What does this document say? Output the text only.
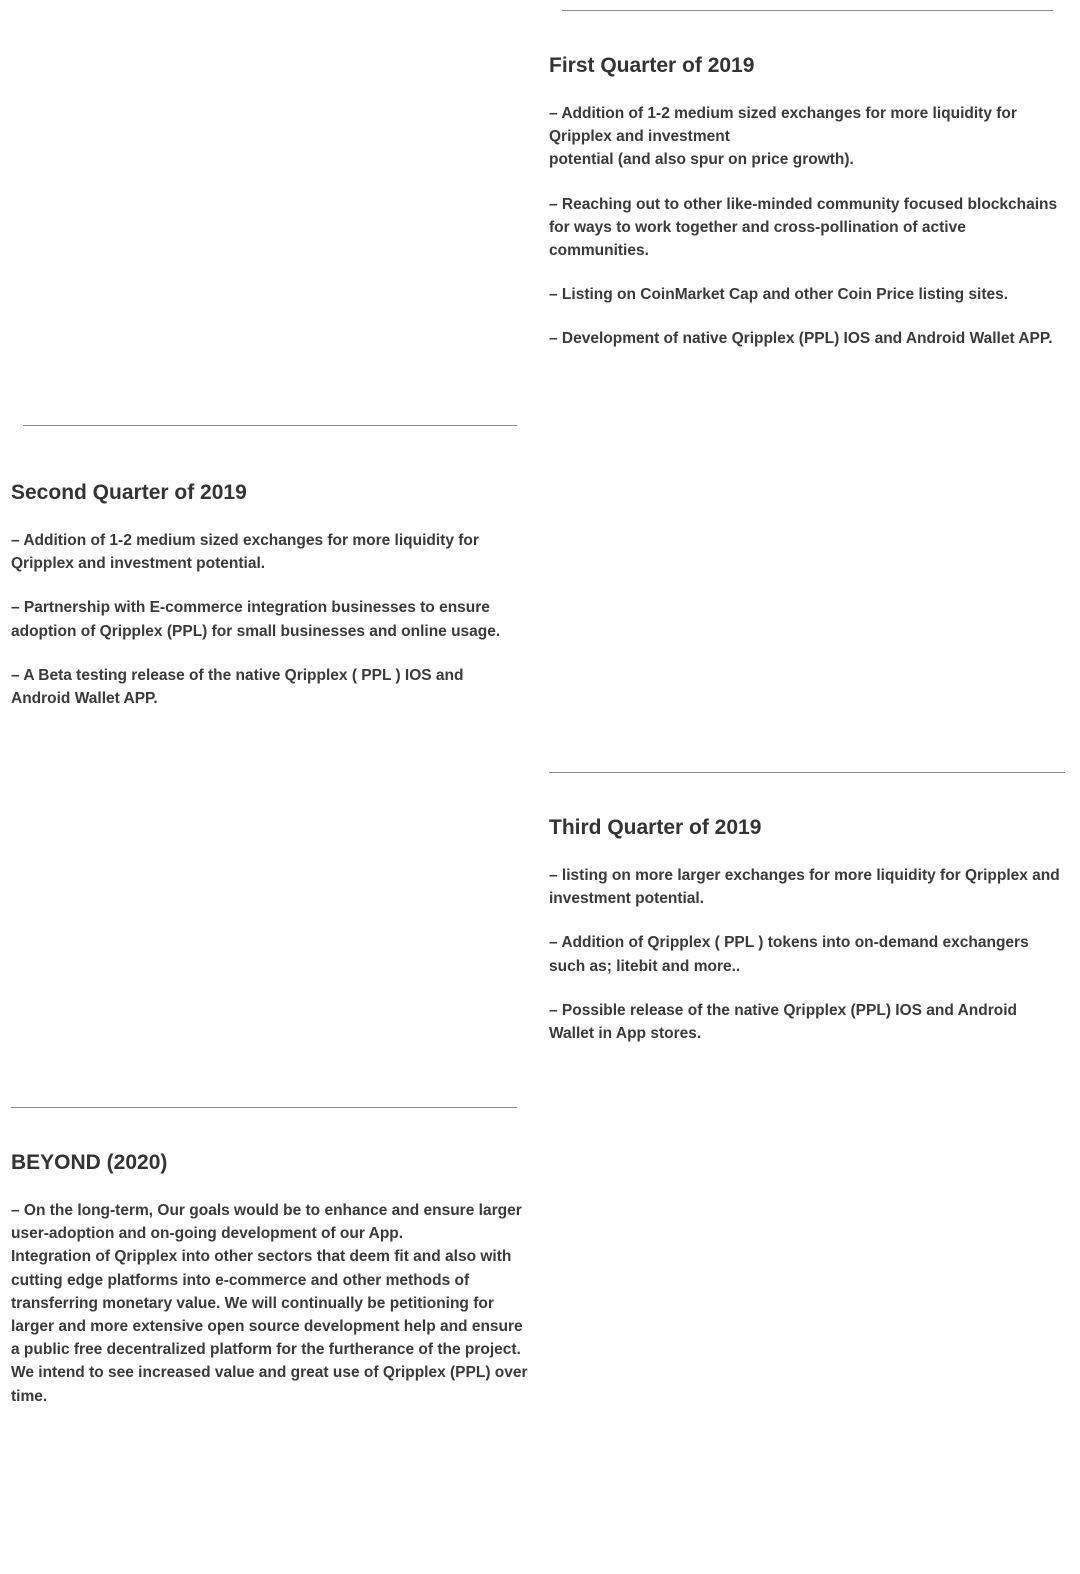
First Quarter of 2019

– Addition of 1-2 medium sized exchanges for more liquidity for
Qripplex and investment
potential (and also spur on price growth).

– Reaching out to other like-minded community focused blockchains
for ways to work together and cross-pollination of active
communities.

– Listing on CoinMarket Cap and other Coin Price listing sites.

– Development of native Qripplex (PPL) IOS and Android Wallet APP.

Second Quarter of 2019

– Addition of 1-2 medium sized exchanges for more liquidity for
Qripplex and investment potential.

– Partnership with E-commerce integration businesses to ensure
adoption of Qripplex (PPL) for small businesses and online usage.

– A Beta testing release of the native Qripplex ( PPL ) IOS and
Android Wallet APP.

Third Quarter of 2019

– listing on more larger exchanges for more liquidity for Qripplex and
investment potential.

– Addition of Qripplex ( PPL ) tokens into on-demand exchangers
such as; litebit and more..

– Possible release of the native Qripplex (PPL) IOS and Android
Wallet in App stores.

BEYOND (2020)

– On the long-term, Our goals would be to enhance and ensure larger
user-adoption and on-going development of our App.
Integration of Qripplex into other sectors that deem fit and also with
cutting edge platforms into e-commerce and other methods of
transferring monetary value. We will continually be petitioning for
larger and more extensive open source development help and ensure
a public free decentralized platform for the furtherance of the project.
We intend to see increased value and great use of Qripplex (PPL) over
time.
